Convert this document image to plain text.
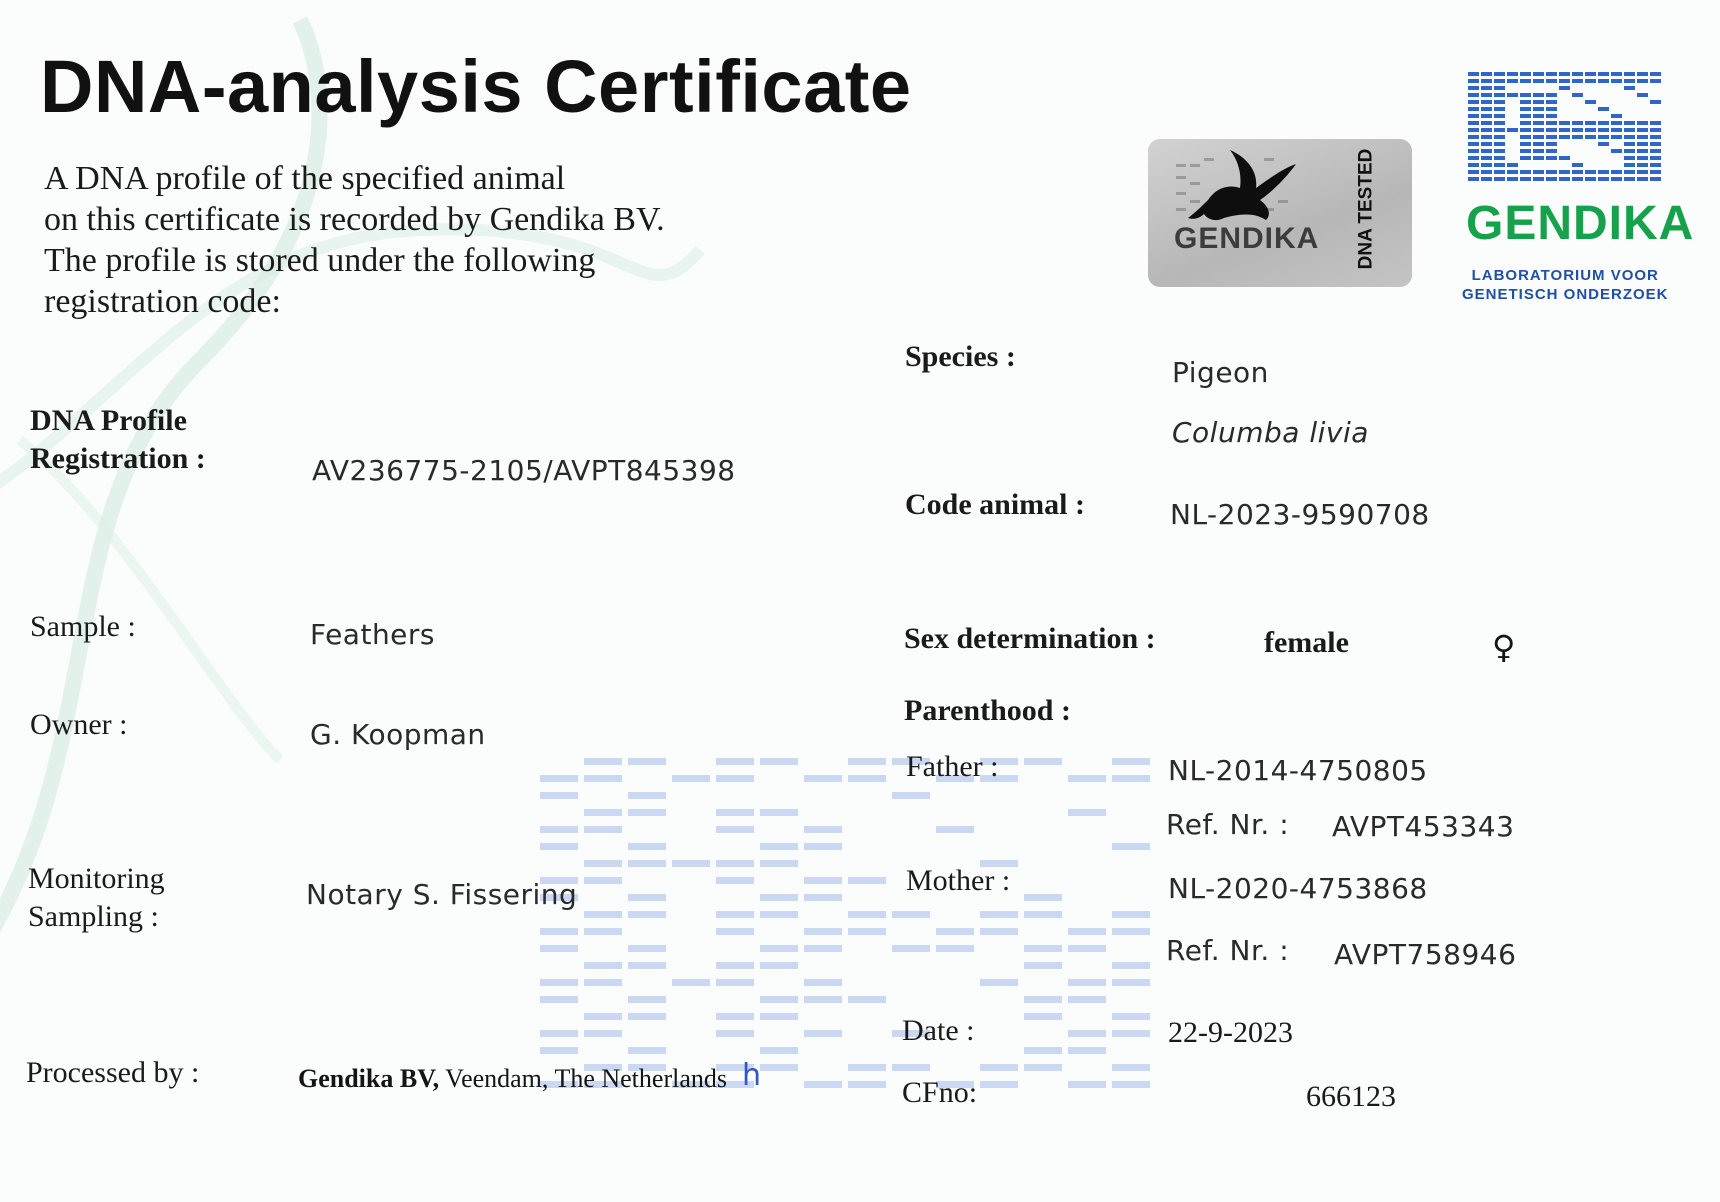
DNA-analysis Certificate
A DNA profile of the specified animal
on this certificate is recorded by Gendika BV.
The profile is stored under the following
registration code:
GENDIKA DNA TESTED GENDIKA
LABORATORIUM VOOR
GENETISCH ONDERZOEK
DNA Profile
Registration :	AV236775-2105/AVPT845398
Sample :	Feathers
Owner :	G. Koopman
Monitoring
Sampling :
Notary S. Fissering
Processed by :	Gendika BV, Veendam, The Netherlands h
Species :	Pigeon
Columba livia
Code animal :	NL-2023-9590708
Sex determination :	female	♀
Parenthood :
Father :	NL-2014-4750805
Ref. Nr. : AVPT453343
Mother :	NL-2020-4753868
Ref. Nr. : AVPT758946
Date :	22-9-2023
CFno:	666123
